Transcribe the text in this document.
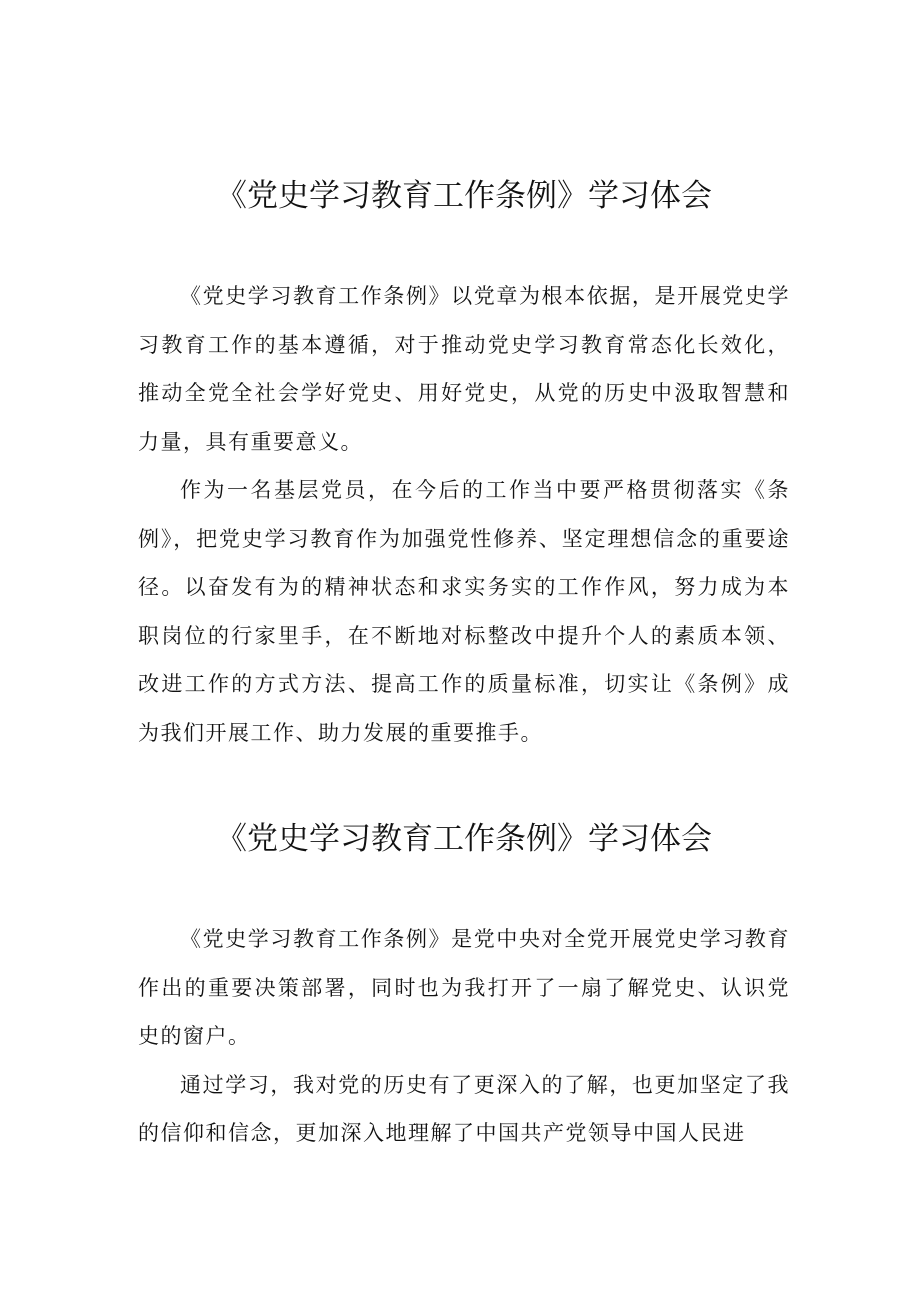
《党史学习教育工作条例》学习体会

《党史学习教育工作条例》以党章为根本依据，是开展党史学习教育工作的基本遵循，对于推动党史学习教育常态化长效化，推动全党全社会学好党史、用好党史，从党的历史中汲取智慧和力量，具有重要意义。

作为一名基层党员，在今后的工作当中要严格贯彻落实《条例》，把党史学习教育作为加强党性修养、坚定理想信念的重要途径。以奋发有为的精神状态和求实务实的工作作风，努力成为本职岗位的行家里手，在不断地对标整改中提升个人的素质本领、改进工作的方式方法、提高工作的质量标准，切实让《条例》成为我们开展工作、助力发展的重要推手。

《党史学习教育工作条例》学习体会

《党史学习教育工作条例》是党中央对全党开展党史学习教育作出的重要决策部署，同时也为我打开了一扇了解党史、认识党史的窗户。

通过学习，我对党的历史有了更深入的了解，也更加坚定了我的信仰和信念，更加深入地理解了中国共产党领导中国人民进
